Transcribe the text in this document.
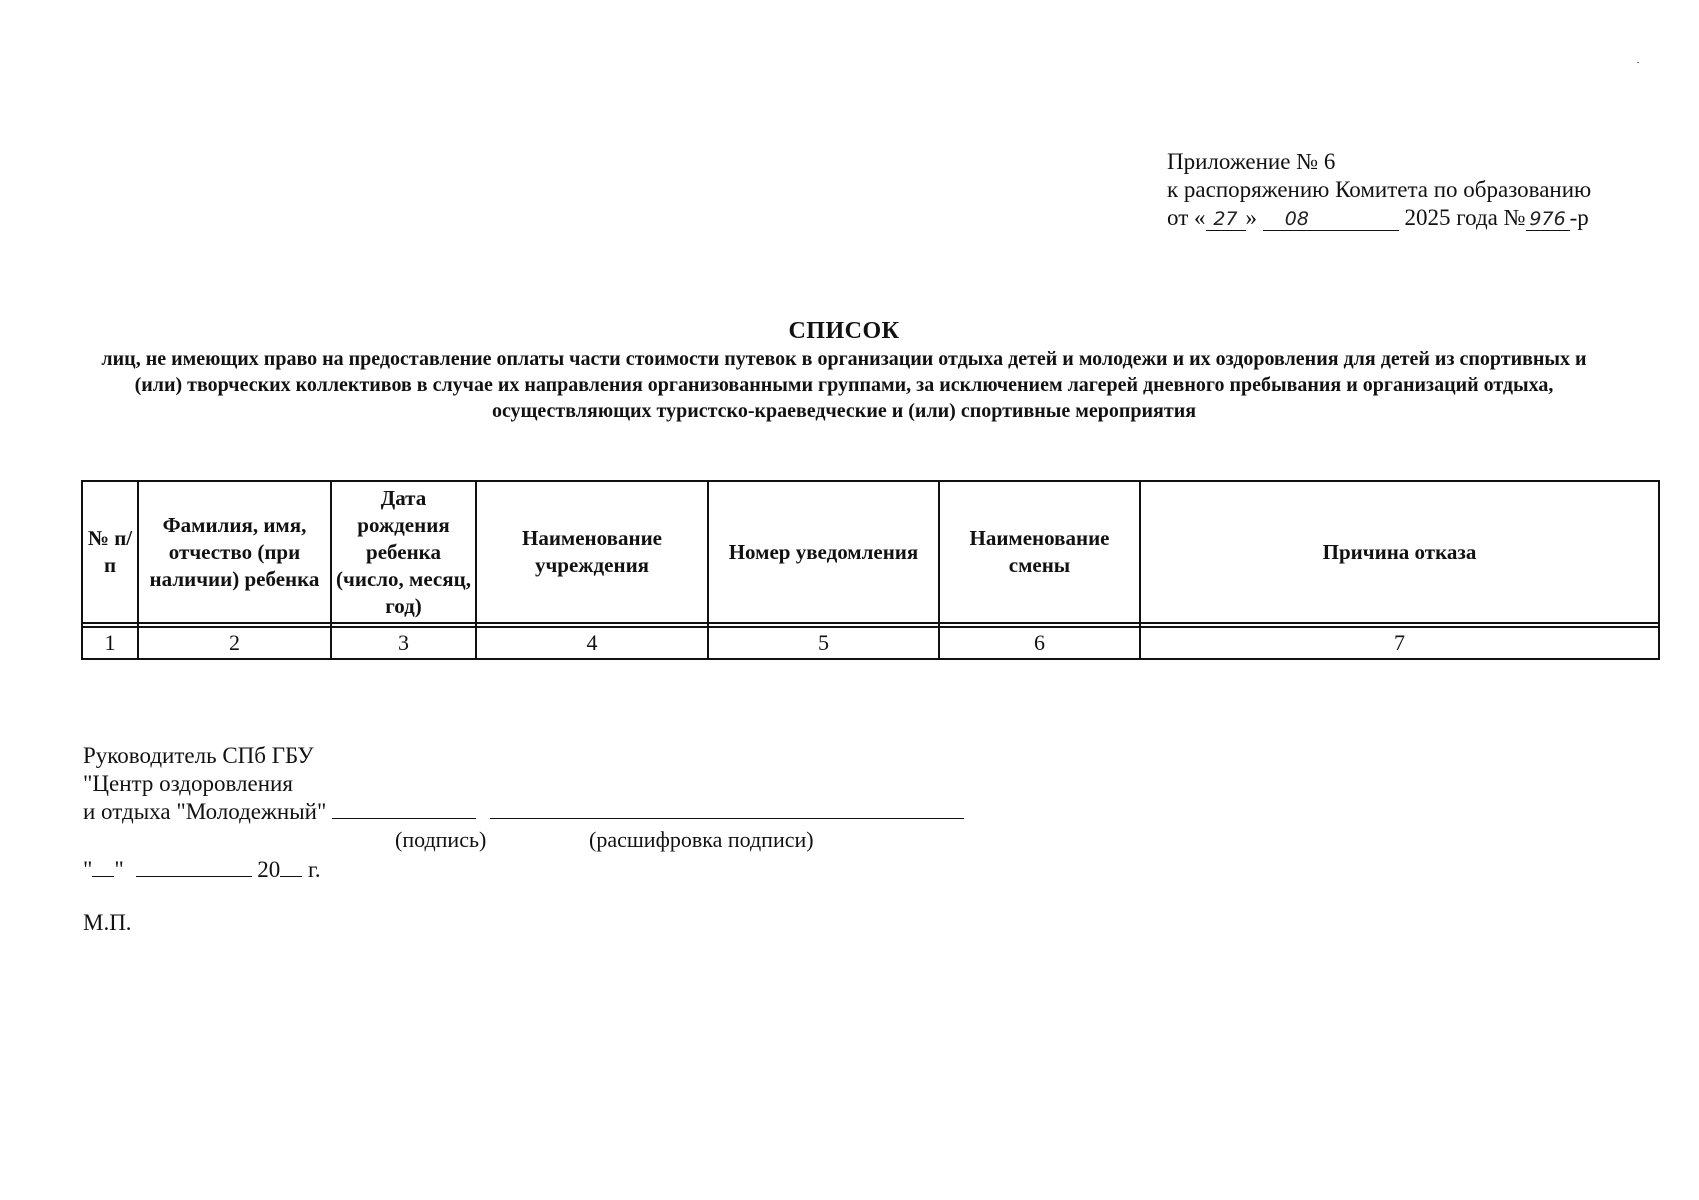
Приложение № 6
к распоряжению Комитета по образованию
от « 27 » 08	2025 года № 976 -р
СПИСОК
лиц, не имеющих право на предоставление оплаты части стоимости путевок в организации отдыха детей и молодежи и их оздоровления для детей из спортивных и (или) творческих коллективов в случае их направления организованными группами, за исключением лагерей дневного пребывания и организаций отдыха, осуществляющих туристско-краеведческие и (или) спортивные мероприятия
№ п/п	Фамилия, имя, отчество (при наличии) ребенка	Дата рождения ребенка (число, месяц, год)	Наименование учреждения	Номер уведомления	Наименование смены	Причина отказа

1	2	3	4	5	6	7
Руководитель СПб ГБУ
"Центр оздоровления
и отдыха "Молодежный"
(подпись)	(расшифровка подписи)
" "	20 г.
М.П.
